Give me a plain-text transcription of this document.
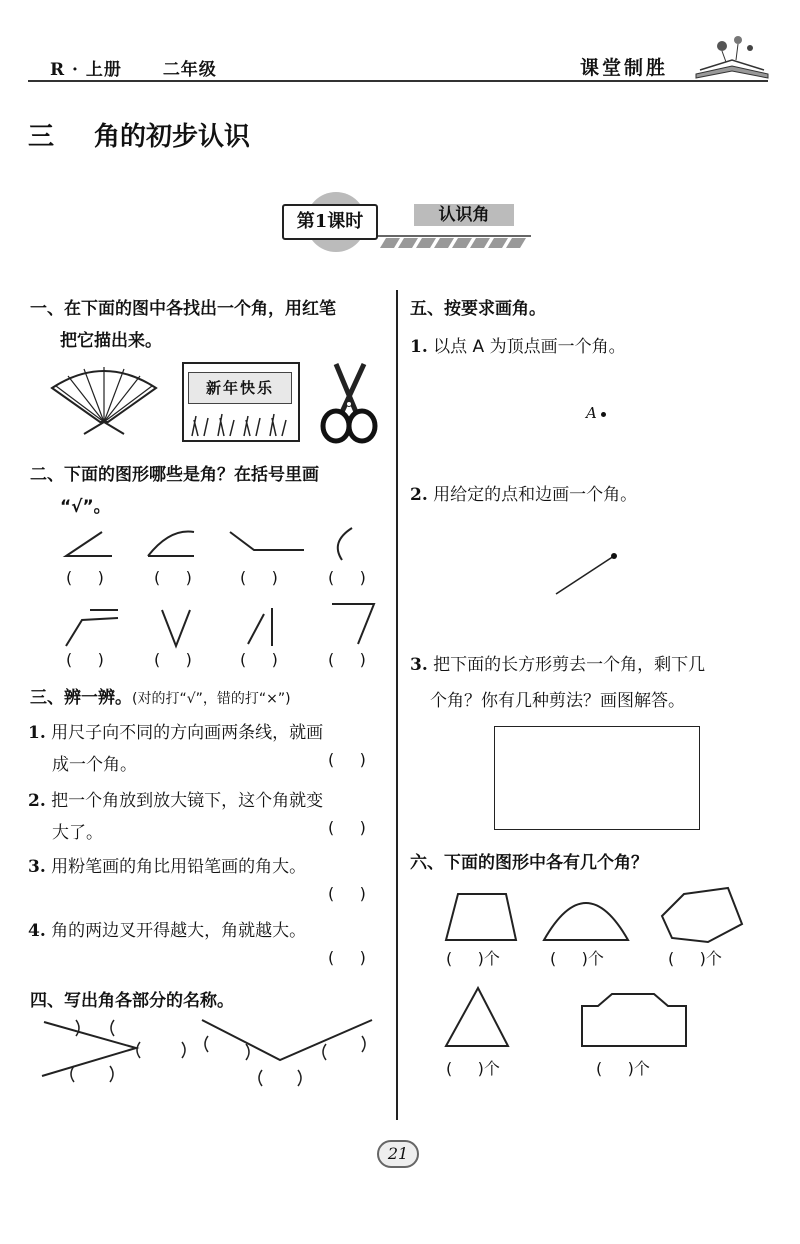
R · 上册 二年级	课堂制胜
三 角的初步认识
第1课时	认识角
一、在下面的图中各找出一个角，用红笔
把它描出来。
新年快乐
二、下面的图形哪些是角？在括号里画
“√”。
(     )	(     )	(     )	(     )
(     )	(     )	(     )	(     )
三、辨一辨。(对的打“√”，错的打“×”)
1. 用尺子向不同的方向画两条线，就画
成一个角。	(     )
2. 把一个角放到放大镜下，这个角就变
大了。	(     )
3. 用粉笔画的角比用铅笔画的角大。
(     )
4. 角的两边叉开得越大，角就越大。
(     )
四、写出角各部分的名称。
五、按要求画角。
1. 以点 A 为顶点画一个角。
A
2. 用给定的点和边画一个角。
3. 把下面的长方形剪去一个角，剩下几
个角？你有几种剪法？画图解答。
六、下面的图形中各有几个角？
(     )个	(     )个	(     )个
(     )个	(     )个
21
